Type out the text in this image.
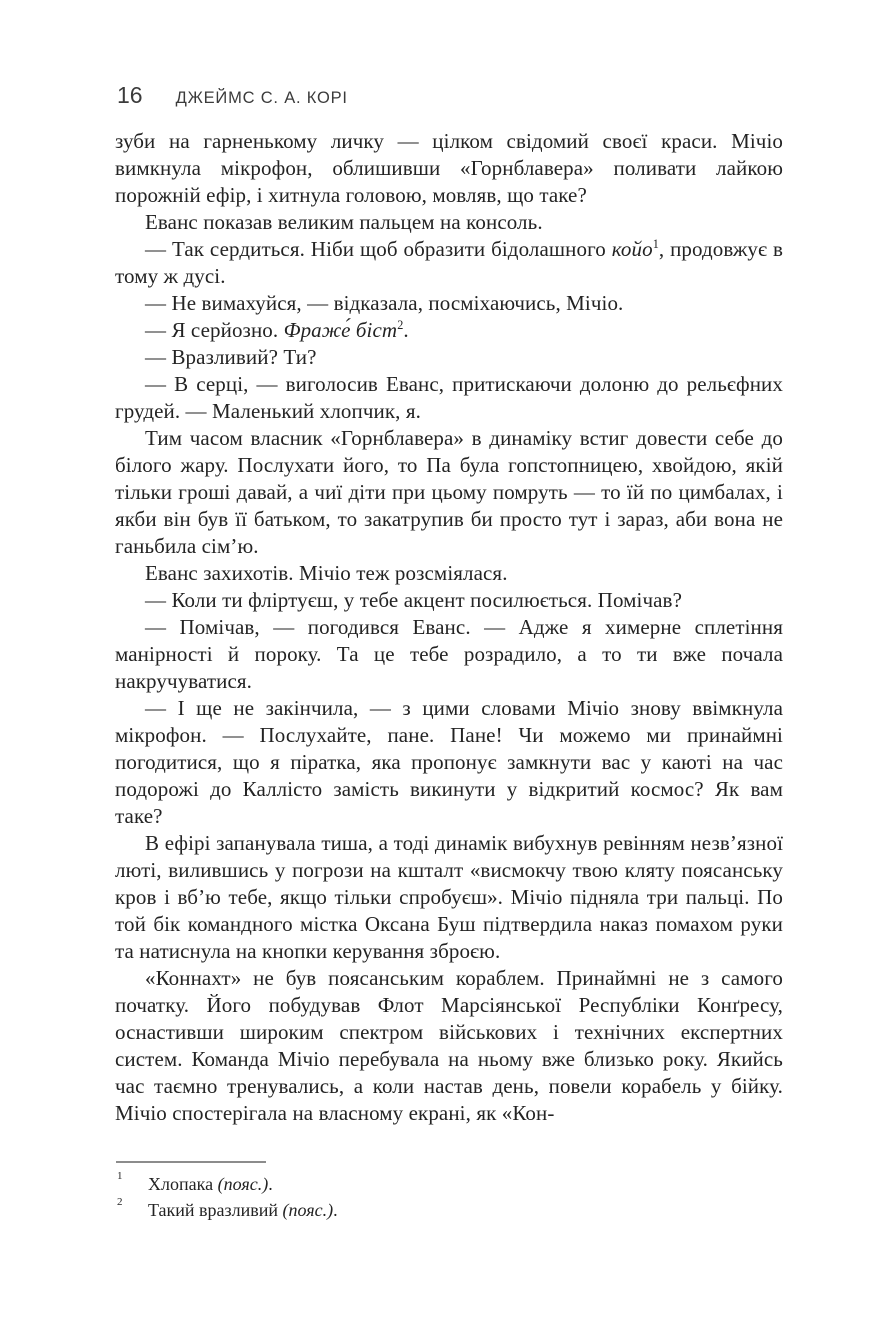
16 ДЖЕЙМС С. А. КОРІ

зуби на гарненькому личку — цілком свідомий своєї краси. Мічіо вимкнула мікрофон, облишивши «Горнблавера» поливати лайкою порожній ефір, і хитнула головою, мовляв, що таке?

Еванс показав великим пальцем на консоль.

— Так сердиться. Ніби щоб образити бідолашного койо$^1$, продовжує в тому ж дусі.

— Не вимахуйся, — відказала, посміхаючись, Мічіо.

— Я серйозно. Фраже́ біст$^2$.

— Вразливий? Ти?

— В серці, — виголосив Еванс, притискаючи долоню до рельєфних грудей. — Маленький хлопчик, я.

Тим часом власник «Горнблавера» в динаміку встиг довести себе до білого жару. Послухати його, то Па була гопстопницею, хвойдою, якій тільки гроші давай, а чиї діти при цьому помруть — то їй по цимбалах, і якби він був її батьком, то закатрупив би просто тут і зараз, аби вона не ганьбила сім’ю.

Еванс захихотів. Мічіо теж розсміялася.

— Коли ти фліртуєш, у тебе акцент посилюється. Помічав?

— Помічав, — погодився Еванс. — Адже я химерне сплетіння манірності й пороку. Та це тебе розрадило, а то ти вже почала накручуватися.

— І ще не закінчила, — з цими словами Мічіо знову ввімкнула мікрофон. — Послухайте, пане. Пане! Чи можемо ми принаймні погодитися, що я піратка, яка пропонує замкнути вас у каюті на час подорожі до Каллісто замість викинути у відкритий космос? Як вам таке?

В ефірі запанувала тиша, а тоді динамік вибухнув ревінням незв’язної люті, вилившись у погрози на кшталт «висмокчу твою кляту поясанську кров і вб’ю тебе, якщо тільки спробуєш». Мічіо підняла три пальці. По той бік командного містка Оксана Буш підтвердила наказ помахом руки та натиснула на кнопки керування зброєю.

«Коннахт» не був поясанським кораблем. Принаймні не з самого початку. Його побудував Флот Марсіянської Республіки Конґресу, оснастивши широким спектром військових і технічних експертних систем. Команда Мічіо перебувала на ньому вже близько року. Якийсь час таємно тренувались, а коли настав день, повели корабель у бійку. Мічіо спостерігала на власному екрані, як «Кон-

1 Хлопака (пояс.).
2 Такий вразливий (пояс.).
